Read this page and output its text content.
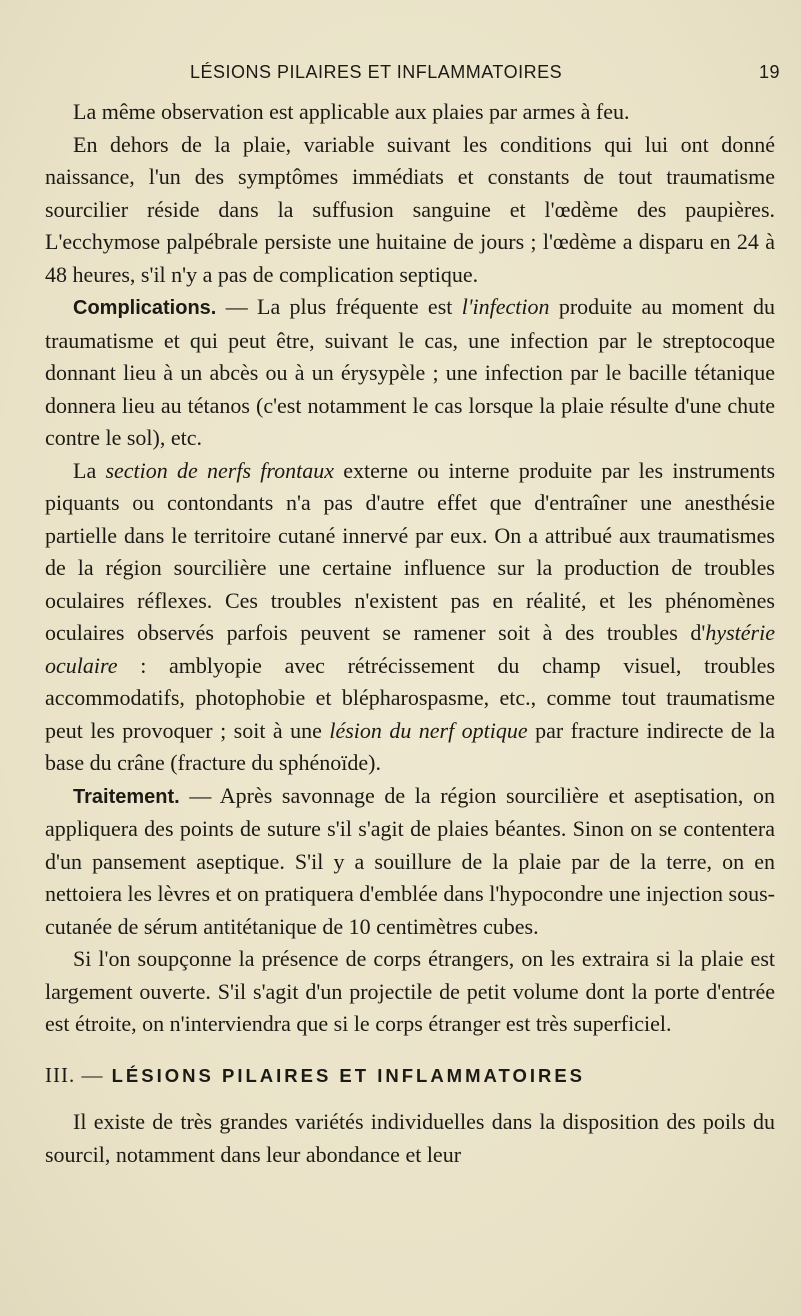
LÉSIONS PILAIRES ET INFLAMMATOIRES	19

La même observation est applicable aux plaies par armes à feu.

En dehors de la plaie, variable suivant les conditions qui lui ont donné naissance, l'un des symptômes immédiats et constants de tout traumatisme sourcilier réside dans la suffusion sanguine et l'œdème des paupières. L'ecchymose palpébrale persiste une huitaine de jours ; l'œdème a disparu en 24 à 48 heures, s'il n'y a pas de complication septique.

Complications. — La plus fréquente est l'infection produite au moment du traumatisme et qui peut être, suivant le cas, une infection par le streptocoque donnant lieu à un abcès ou à un érysypèle ; une infection par le bacille tétanique donnera lieu au tétanos (c'est notamment le cas lorsque la plaie résulte d'une chute contre le sol), etc.

La section de nerfs frontaux externe ou interne produite par les instruments piquants ou contondants n'a pas d'autre effet que d'entraîner une anesthésie partielle dans le territoire cutané innervé par eux. On a attribué aux traumatismes de la région sourcilière une certaine influence sur la production de troubles oculaires réflexes. Ces troubles n'existent pas en réalité, et les phénomènes oculaires observés parfois peuvent se ramener soit à des troubles d'hystérie oculaire : amblyopie avec rétrécissement du champ visuel, troubles accommodatifs, photophobie et blépharospasme, etc., comme tout traumatisme peut les provoquer ; soit à une lésion du nerf optique par fracture indirecte de la base du crâne (fracture du sphénoïde).

Traitement. — Après savonnage de la région sourcilière et aseptisation, on appliquera des points de suture s'il s'agit de plaies béantes. Sinon on se contentera d'un pansement aseptique. S'il y a souillure de la plaie par de la terre, on en nettoiera les lèvres et on pratiquera d'emblée dans l'hypocondre une injection sous-cutanée de sérum antitétanique de 10 centimètres cubes.

Si l'on soupçonne la présence de corps étrangers, on les extraira si la plaie est largement ouverte. S'il s'agit d'un projectile de petit volume dont la porte d'entrée est étroite, on n'interviendra que si le corps étranger est très superficiel.

III. — LÉSIONS PILAIRES ET INFLAMMATOIRES

Il existe de très grandes variétés individuelles dans la disposition des poils du sourcil, notamment dans leur abondance et leur
